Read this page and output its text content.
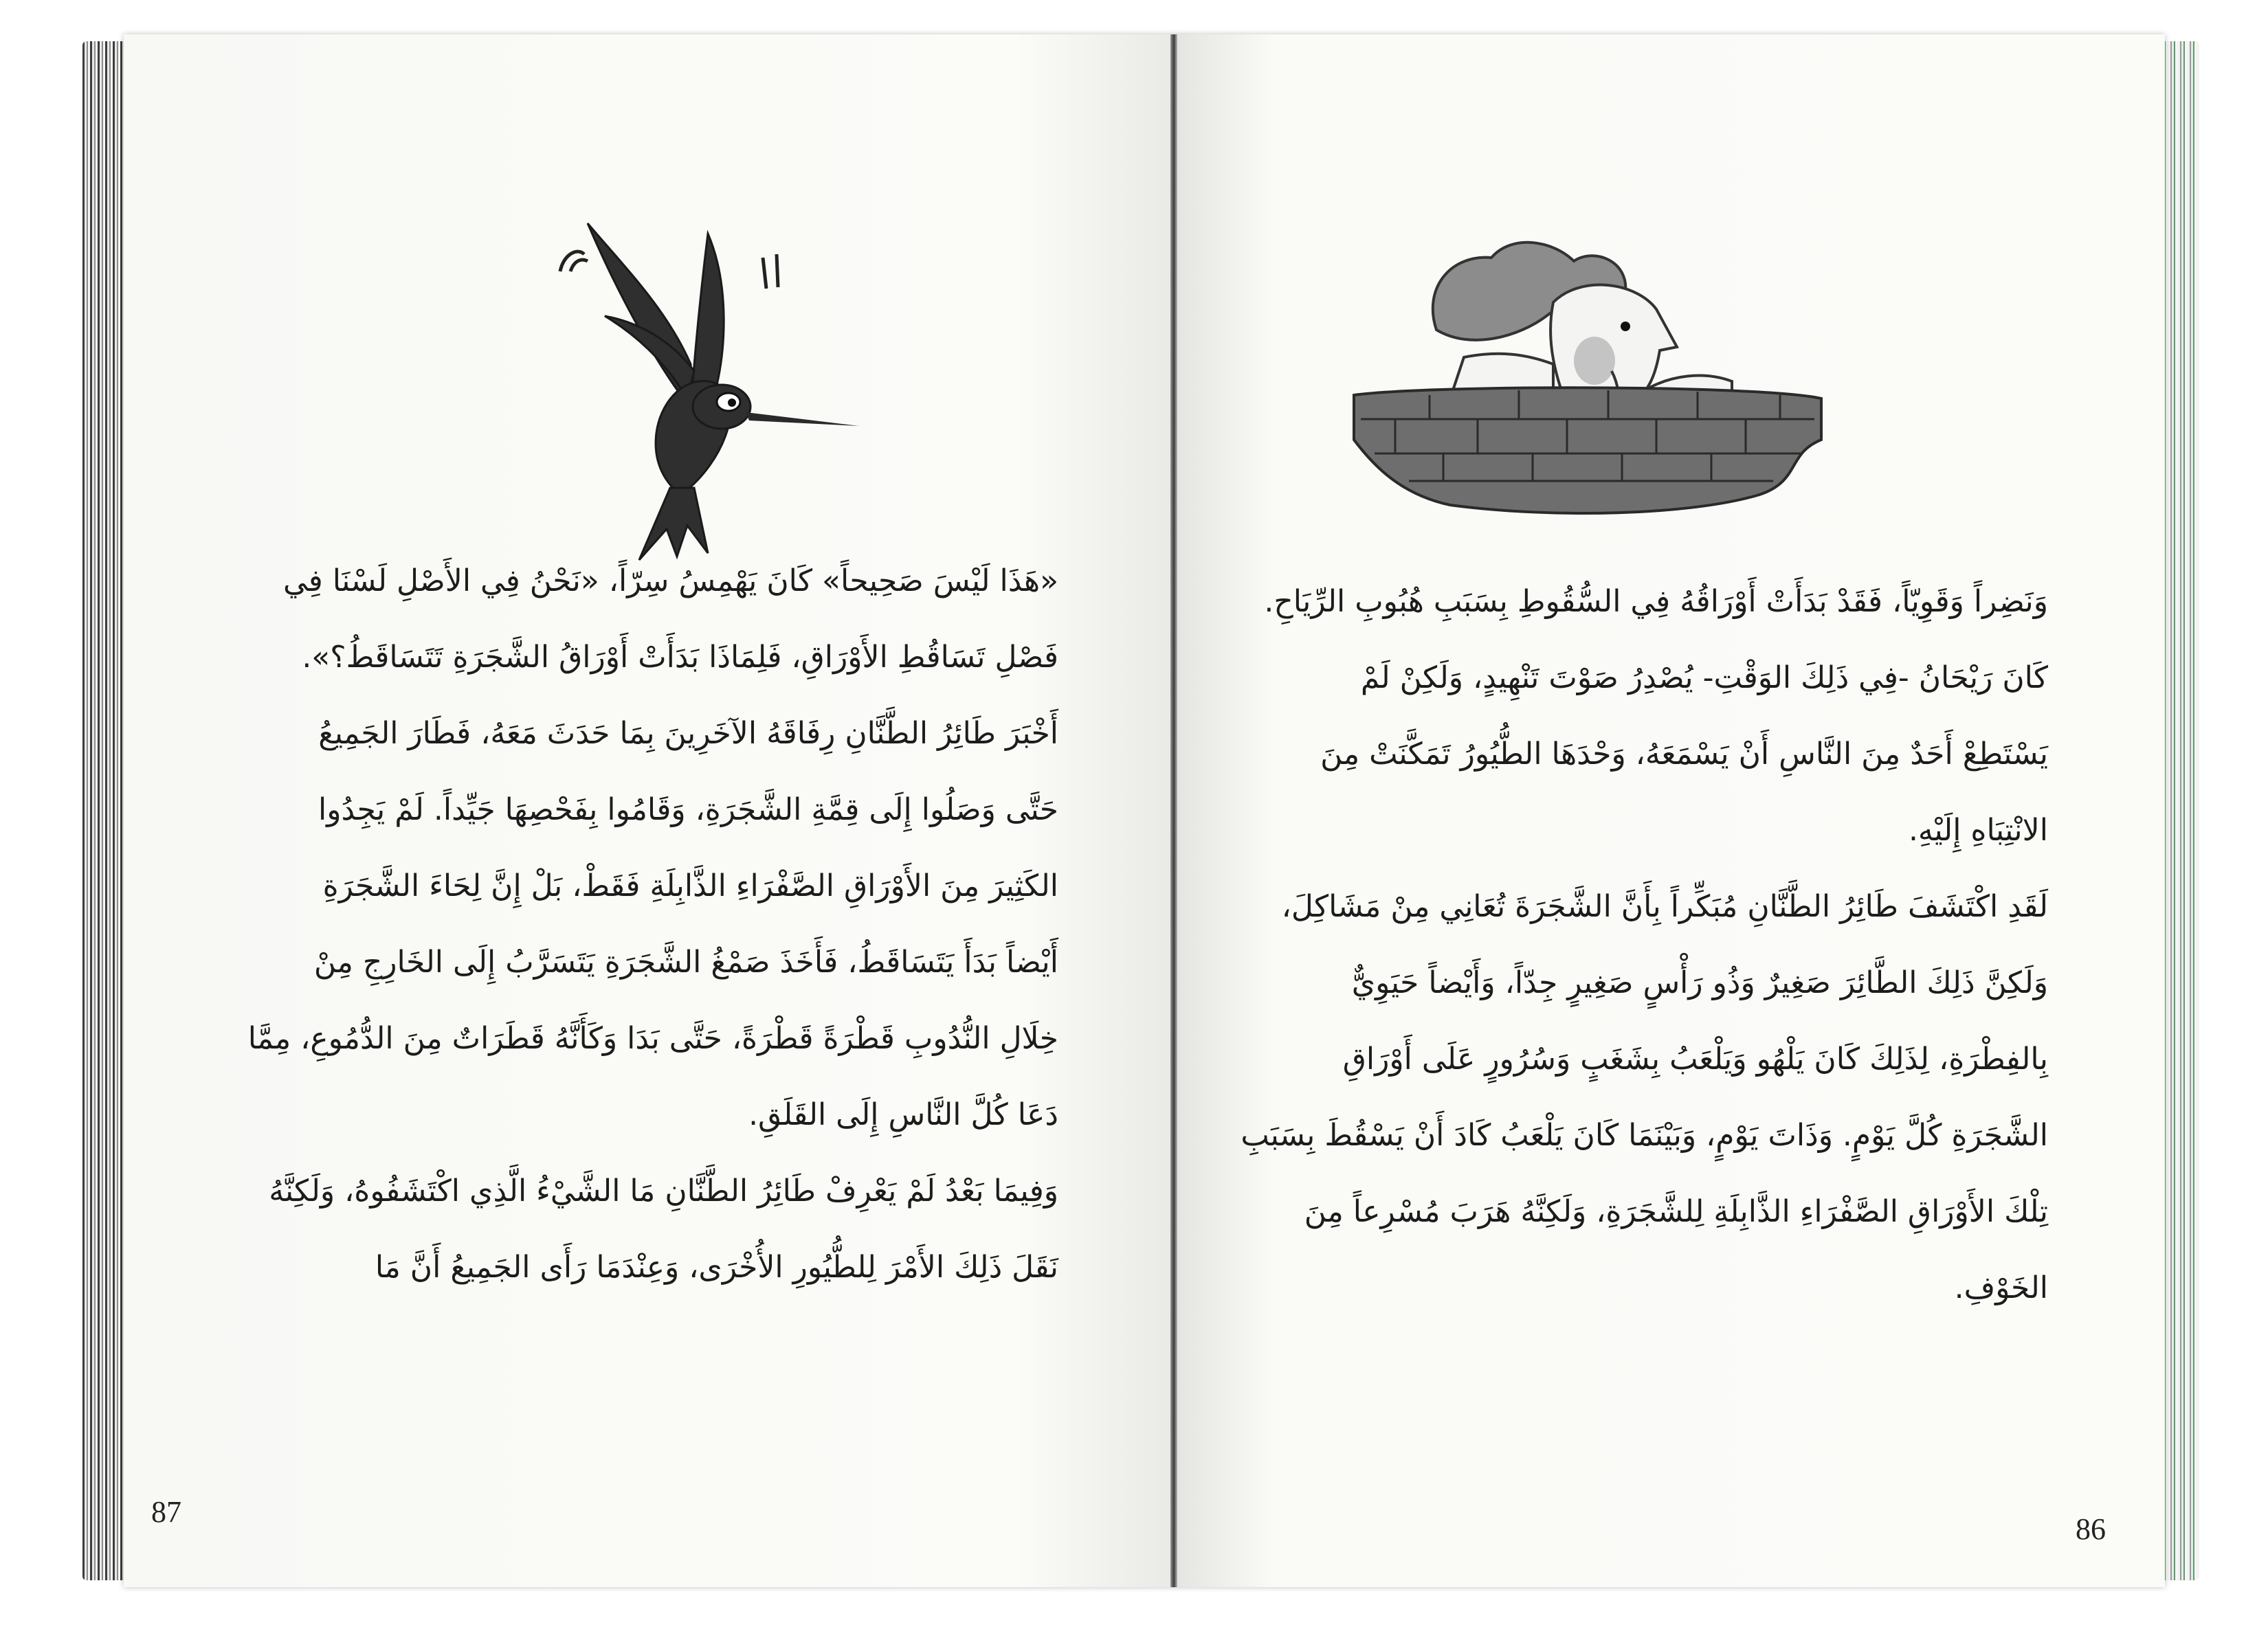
«هَذَا لَيْسَ صَحِيحاً» كَانَ يَهْمِسُ سِرّاً، «نَحْنُ فِي الأَصْلِ لَسْنَا فِي
فَصْلِ تَسَاقُطِ الأَوْرَاقِ، فَلِمَاذَا بَدَأَتْ أَوْرَاقُ الشَّجَرَةِ تَتَسَاقَطُ؟».
أَخْبَرَ طَائِرُ الطَّنَّانِ رِفَاقَهُ الآخَرِينَ بِمَا حَدَثَ مَعَهُ، فَطَارَ الجَمِيعُ
حَتَّى وَصَلُوا إِلَى قِمَّةِ الشَّجَرَةِ، وَقَامُوا بِفَحْصِهَا جَيِّداً. لَمْ يَجِدُوا
الكَثِيرَ مِنَ الأَوْرَاقِ الصَّفْرَاءِ الذَّابِلَةِ فَقَطْ، بَلْ إِنَّ لِحَاءَ الشَّجَرَةِ
أَيْضاً بَدَأَ يَتَسَاقَطُ، فَأَخَذَ صَمْغُ الشَّجَرَةِ يَتَسَرَّبُ إِلَى الخَارِجِ مِنْ
خِلَالِ النُّدُوبِ قَطْرَةً قَطْرَةً، حَتَّى بَدَا وَكَأَنَّهُ قَطَرَاتٌ مِنَ الدُّمُوعِ، مِمَّا
دَعَا كُلَّ النَّاسِ إِلَى القَلَقِ.
وَفِيمَا بَعْدُ لَمْ يَعْرِفْ طَائِرُ الطَّنَّانِ مَا الشَّيْءُ الَّذِي اكْتَشَفُوهُ، وَلَكِنَّهُ
نَقَلَ ذَلِكَ الأَمْرَ لِلطُّيُورِ الأُخْرَى، وَعِنْدَمَا رَأَى الجَمِيعُ أَنَّ مَا
وَنَضِراً وَقَوِيّاً، فَقَدْ بَدَأَتْ أَوْرَاقُهُ فِي السُّقُوطِ بِسَبَبِ هُبُوبِ الرِّيَاحِ.
كَانَ رَيْحَانُ -فِي ذَلِكَ الوَقْتِ- يُصْدِرُ صَوْتَ تَنْهِيدٍ، وَلَكِنْ لَمْ
يَسْتَطِعْ أَحَدٌ مِنَ النَّاسِ أَنْ يَسْمَعَهُ، وَحْدَهَا الطُّيُورُ تَمَكَّنَتْ مِنَ
الانْتِبَاهِ إِلَيْهِ.
لَقَدِ اكْتَشَفَ طَائِرُ الطَّنَّانِ مُبَكِّراً بِأَنَّ الشَّجَرَةَ تُعَانِي مِنْ مَشَاكِلَ،
وَلَكِنَّ ذَلِكَ الطَّائِرَ صَغِيرٌ وَذُو رَأْسٍ صَغِيرٍ جِدّاً، وَأَيْضاً حَيَوِيٌّ
بِالفِطْرَةِ، لِذَلِكَ كَانَ يَلْهُو وَيَلْعَبُ بِشَغَبٍ وَسُرُورٍ عَلَى أَوْرَاقِ
الشَّجَرَةِ كُلَّ يَوْمٍ. وَذَاتَ يَوْمٍ، وَبَيْنَمَا كَانَ يَلْعَبُ كَادَ أَنْ يَسْقُطَ بِسَبَبِ
تِلْكَ الأَوْرَاقِ الصَّفْرَاءِ الذَّابِلَةِ لِلشَّجَرَةِ، وَلَكِنَّهُ هَرَبَ مُسْرِعاً مِنَ
الخَوْفِ.
87
86
